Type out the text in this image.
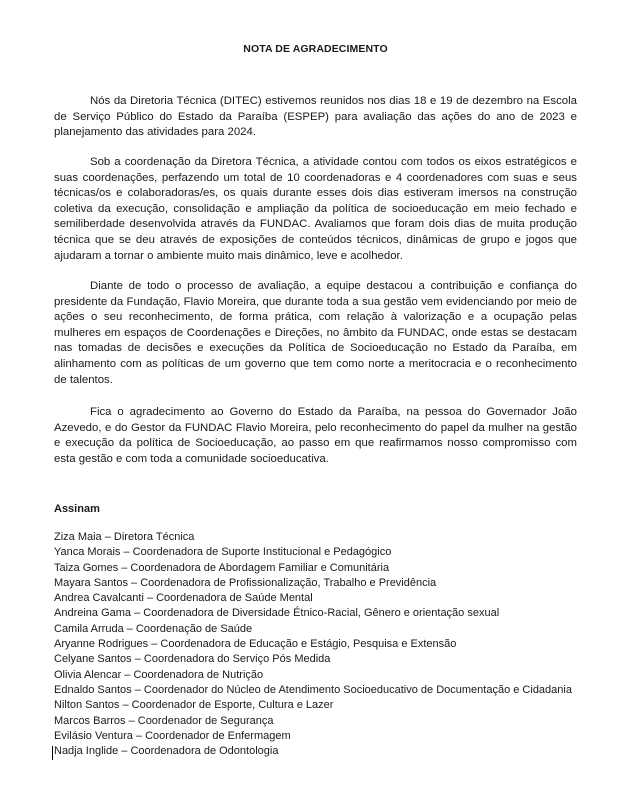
NOTA DE AGRADECIMENTO

Nós da Diretoria Técnica (DITEC) estivemos reunidos nos dias 18 e 19 de dezembro na Escola de Serviço Público do Estado da Paraíba (ESPEP) para avaliação das ações do ano de 2023 e planejamento das atividades para 2024.

Sob a coordenação da Diretora Técnica, a atividade contou com todos os eixos estratégicos e suas coordenações, perfazendo um total de 10 coordenadoras e 4 coordenadores com suas e seus técnicas/os e colaboradoras/es, os quais durante esses dois dias estiveram imersos na construção coletiva da execução, consolidação e ampliação da política de socioeducação em meio fechado e semiliberdade desenvolvida através da FUNDAC. Avaliamos que foram dois dias de muita produção técnica que se deu através de exposições de conteúdos técnicos, dinâmicas de grupo e jogos que ajudaram a tornar o ambiente muito mais dinâmico, leve e acolhedor.

Diante de todo o processo de avaliação, a equipe destacou a contribuição e confiança do presidente da Fundação, Flavio Moreira, que durante toda a sua gestão vem evidenciando por meio de ações o seu reconhecimento, de forma prática, com relação à valorização e a ocupação pelas mulheres em espaços de Coordenações e Direções, no âmbito da FUNDAC, onde estas se destacam nas tomadas de decisões e execuções da Política de Socioeducação no Estado da Paraíba, em alinhamento com as políticas de um governo que tem como norte a meritocracia e o reconhecimento de talentos.

Fica o agradecimento ao Governo do Estado da Paraíba, na pessoa do Governador João Azevedo, e do Gestor da FUNDAC Flavio Moreira, pelo reconhecimento do papel da mulher na gestão e execução da política de Socioeducação, ao passo em que reafirmamos nosso compromisso com esta gestão e com toda a comunidade socioeducativa.

Assinam
Ziza Maia – Diretora Técnica
Yanca Morais – Coordenadora de Suporte Institucional e Pedagógico
Taiza Gomes – Coordenadora de Abordagem Familiar e Comunitária
Mayara Santos – Coordenadora de Profissionalização, Trabalho e Previdência
Andrea Cavalcanti – Coordenadora de Saúde Mental
Andreina Gama – Coordenadora de Diversidade Étnico-Racial, Gênero e orientação sexual
Camila Arruda – Coordenação de Saúde
Aryanne Rodrigues – Coordenadora de Educação e Estágio, Pesquisa e Extensão
Celyane Santos – Coordenadora do Serviço Pós Medida
Olivia Alencar – Coordenadora de Nutrição
Ednaldo Santos – Coordenador do Núcleo de Atendimento Socioeducativo de Documentação e Cidadania
Nilton Santos – Coordenador de Esporte, Cultura e Lazer
Marcos Barros – Coordenador de Segurança
Evilásio Ventura – Coordenador de Enfermagem
Nadja Inglide – Coordenadora de Odontologia
